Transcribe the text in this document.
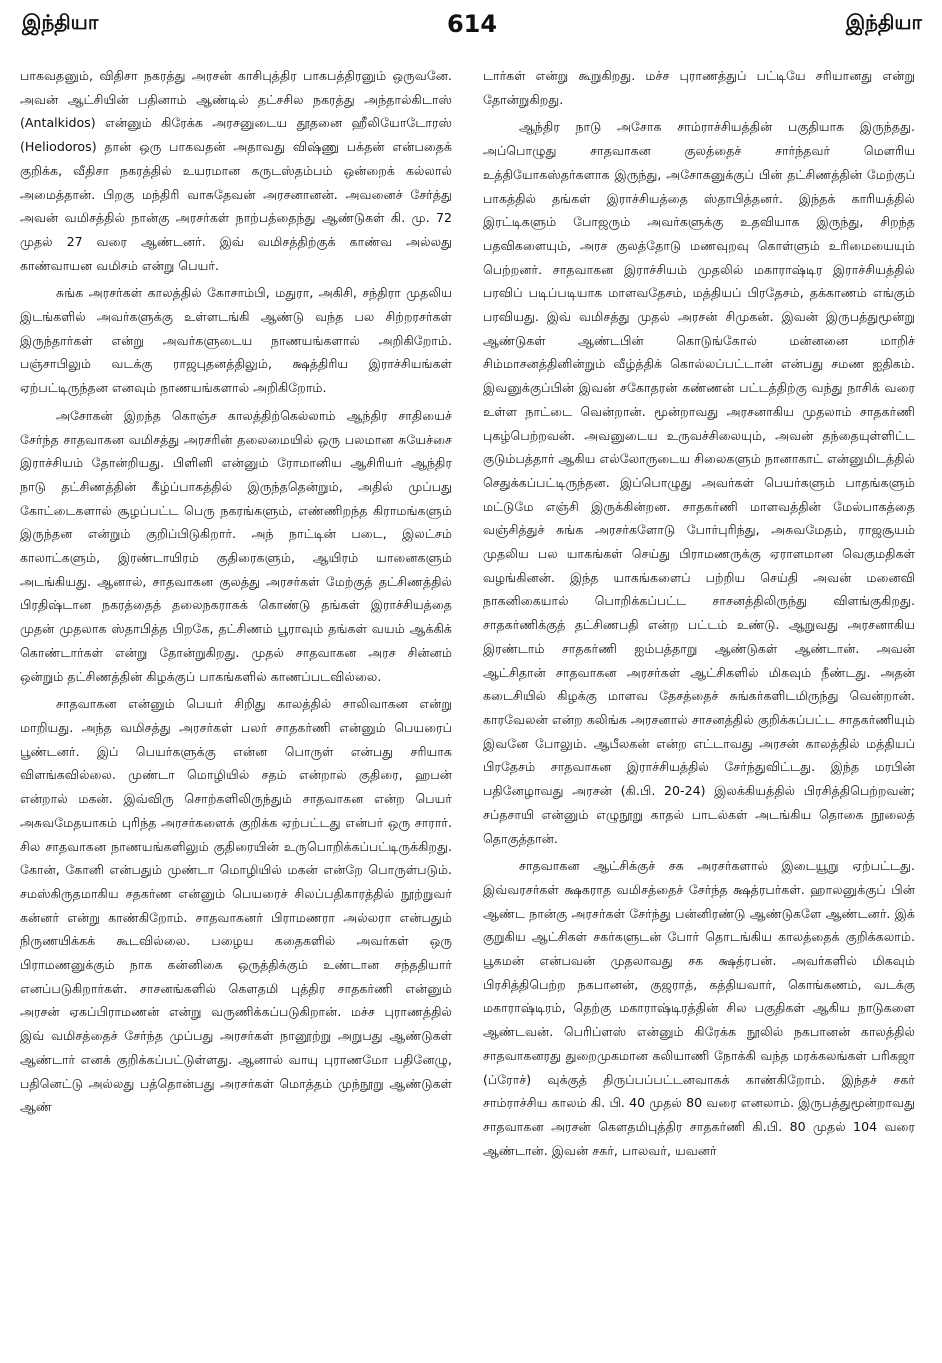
இந்தியா	614	இந்தியா

பாகவதனும், விதிசா நகரத்து அரசன் காசிபுத்திர பாகபத்திரனும் ஒருவனே. அவன் ஆட்சியின் பதினாம் ஆண்டில் தட்சசில நகரத்து அந்தால்கிடாஸ் (Antalkidos) என்னும் கிரேக்க அரசனுடைய தூதனை ஹீலியோடோரஸ் (Heliodoros) தான் ஒரு பாகவதன் அதாவது விஷ்ணு பக்தன் என்பதைக் குறிக்க, வீதிசா நகரத்தில் உயரமான கருடஸ்தம்பம் ஒன்றைக் கல்லால் அமைத்தான். பிறகு மந்திரி வாசுதேவன் அரசனானன். அவனைச் சேர்த்து அவன் வமிசத்தில் நான்கு அரசர்கள் நாற்பத்தைந்து ஆண்டுகள் கி. மு. 72 முதல் 27 வரை ஆண்டனர். இவ் வமிசத்திற்குக் காண்வ அல்லது காண்வாயன வமிசம் என்று பெயர்.

சுங்க அரசர்கள் காலத்தில் கோசாம்பி, மதுரா, அகிசி, சந்திரா முதலிய இடங்களில் அவர்களுக்கு உள்ளடங்கி ஆண்டு வந்த பல சிற்றரசர்கள் இருந்தார்கள் என்று அவர்களுடைய நாணயங்களால் அறிகிறோம். பஞ்சாபிலும் வடக்கு ராஜபுதனத்திலும், க்ஷத்திரிய இராச்சியங்கள் ஏற்பட்டிருந்தன எனவும் நாணயங்களால் அறிகிறோம்.

அசோகன் இறந்த கொஞ்ச காலத்திற்கெல்லாம் ஆந்திர சாதியைச் சேர்ந்த சாதவாகன வமிசத்து அரசரின் தலைமையில் ஒரு பலமான சுயேச்சை இராச்சியம் தோன்றியது. பிளினி என்னும் ரோமானிய ஆசிரியர் ஆந்திர நாடு தட்சிணத்தின் கீழ்ப்பாகத்தில் இருந்ததென்றும், அதில் முப்பது கோட்டைகளால் சூழப்பட்ட பெரு நகரங்களும், எண்ணிறந்த கிராமங்களும் இருந்தன என்றும் குறிப்பிடுகிறார். அந் நாட்டின் படை, இலட்சம் காலாட்களும், இரண்டாயிரம் குதிரைகளும், ஆயிரம் யானைகளும் அடங்கியது. ஆனால், சாதவாகன குலத்து அரசர்கள் மேற்குத் தட்சிணத்தில் பிரதிஷ்டான நகரத்தைத் தலைநகராகக் கொண்டு தங்கள் இராச்சியத்தை முதன் முதலாக ஸ்தாபித்த பிறகே, தட்சிணம் பூராவும் தங்கள் வயம் ஆக்கிக் கொண்டார்கள் என்று தோன்றுகிறது. முதல் சாதவாகன அரச சின்னம் ஒன்றும் தட்சிணத்தின் கிழக்குப் பாகங்களில் காணப்படவில்லை.

சாதவாகன என்னும் பெயர் சிறிது காலத்தில் சாலிவாகன என்று மாறியது. அந்த வமிசத்து அரசர்கள் பலர் சாதகர்ணி என்னும் பெயரைப் பூண்டனர். இப் பெயர்களுக்கு என்ன பொருள் என்பது சரியாக விளங்கவில்லை. முண்டா மொழியில் சதம் என்றால் குதிரை, ஹபன் என்றால் மகன். இவ்விரு சொற்களிலிருந்தும் சாதவாகன என்ற பெயர் அசுவமேதயாகம் புரிந்த அரசர்களைக் குறிக்க ஏற்பட்டது என்பர் ஒரு சாரார். சில சாதவாகன நாணயங்களிலும் குதிரையின் உருபொறிக்கப்பட்டிருக்கிறது. கோன், கோனி என்பதும் முண்டா மொழியில் மகன் என்றே பொருள்படும். சமஸ்கிருதமாகிய சதகர்ண என்னும் பெயரைச் சிலப்பதிகாரத்தில் நூற்றுவர் கன்னர் என்று காண்கிறோம். சாதவாகனர் பிராமணரா அல்லரா என்பதும் நிருணயிக்கக் கூடவில்லை. பழைய கதைகளில் அவர்கள் ஒரு பிராமணனுக்கும் நாக கன்னிகை ஒருத்திக்கும் உண்டான சந்ததியார் எனப்படுகிறார்கள். சாசனங்களில் கௌதமி புத்திர சாதகர்ணி என்னும் அரசன் ஏகப்பிராமணன் என்று வருணிக்கப்படுகிறான். மச்ச புராணத்தில் இவ் வமிசத்தைச் சேர்ந்த முப்பது அரசர்கள் நானூற்று அறுபது ஆண்டுகள் ஆண்டார் எனக் குறிக்கப்பட்டுள்ளது. ஆனால் வாயு புராணமோ பதினேழு, பதினெட்டு அல்லது பத்தொன்பது அரசர்கள் மொத்தம் முந்நூறு ஆண்டுகள் ஆண்

டார்கள் என்று கூறுகிறது. மச்ச புராணத்துப் பட்டியே சரியானது என்று தோன்றுகிறது.

ஆந்திர நாடு அசோக சாம்ராச்சியத்தின் பகுதியாக இருந்தது. அப்பொழுது சாதவாகன குலத்தைச் சார்ந்தவர் மௌரிய உத்தியோகஸ்தர்களாக இருந்து, அசோகனுக்குப் பின் தட்சிணத்தின் மேற்குப் பாகத்தில் தங்கள் இராச்சியத்தை ஸ்தாபித்தனர். இந்தக் காரியத்தில் இரட்டிகளும் போஜரும் அவர்களுக்கு உதவியாக இருந்து, சிறந்த பதவிகளையும், அரச குலத்தோடு மணவுறவு கொள்ளும் உரிமையையும் பெற்றனர். சாதவாகன இராச்சியம் முதலில் மகாராஷ்டிர இராச்சியத்தில் பரவிப் படிப்படியாக மாளவதேசம், மத்தியப் பிரதேசம், தக்காணம் எங்கும் பரவியது. இவ் வமிசத்து முதல் அரசன் சிமுகன். இவன் இருபத்துமூன்று ஆண்டுகள் ஆண்டபின் கொடுங்கோல் மன்னனை மாறிச் சிம்மாசனத்தினின்றும் வீழ்த்திக் கொல்லப்பட்டான் என்பது சமண ஐதிகம். இவனுக்குப்பின் இவன் சகோதரன் கண்ணன் பட்டத்திற்கு வந்து நாசிக் வரை உள்ள நாட்டை வென்றான். மூன்றாவது அரசனாகிய முதலாம் சாதகர்ணி புகழ்பெற்றவன். அவனுடைய உருவச்சிலையும், அவன் தந்தையுள்ளிட்ட குடும்பத்தார் ஆகிய எல்லோருடைய சிலைகளும் நானாகாட் என்னுமிடத்தில் செதுக்கப்பட்டிருந்தன. இப்பொழுது அவர்கள் பெயர்களும் பாதங்களும் மட்டுமே எஞ்சி இருக்கின்றன. சாதகர்ணி மாளவத்தின் மேல்பாகத்தை வஞ்சித்துச் சுங்க அரசர்களோடு போர்புரிந்து, அசுவமேதம், ராஜசூயம் முதலிய பல யாகங்கள் செய்து பிராமணருக்கு ஏராளமான வெகுமதிகள் வழங்கினன். இந்த யாகங்களைப் பற்றிய செய்தி அவன் மனைவி நாகனிகையால் பொறிக்கப்பட்ட சாசனத்திலிருந்து விளங்குகிறது. சாதகர்ணிக்குத் தட்சிணபதி என்ற பட்டம் உண்டு. ஆறுவது அரசனாகிய இரண்டாம் சாதகர்ணி ஐம்பத்தாறு ஆண்டுகள் ஆண்டான். அவன் ஆட்சிதான் சாதவாகன அரசர்கள் ஆட்சிகளில் மிகவும் நீண்டது. அதன் கடைசியில் கிழக்கு மாளவ தேசத்தைச் சுங்கர்களிடமிருந்து வென்றான். காரவேலன் என்ற கலிங்க அரசனால் சாசனத்தில் குறிக்கப்பட்ட சாதகர்ணியும் இவனே போலும். ஆபீலகன் என்ற எட்டாவது அரசன் காலத்தில் மத்தியப் பிரதேசம் சாதவாகன இராச்சியத்தில் சேர்ந்துவிட்டது. இந்த மரபின் பதினேழாவது அரசன் (கி.பி. 20-24) இலக்கியத்தில் பிரசித்திபெற்றவன்; சப்தசாயி என்னும் எழுநூறு காதல் பாடல்கள் அடங்கிய தொகை நூலைத் தொகுத்தான்.

சாதவாகன ஆட்சிக்குச் சக அரசர்களால் இடையூறு ஏற்பட்டது. இவ்வரசர்கள் க்ஷகராத வமிசத்தைச் சேர்ந்த க்ஷத்ரபர்கள். ஹாலனுக்குப் பின் ஆண்ட நான்கு அரசர்கள் சேர்ந்து பன்னிரண்டு ஆண்டுகளே ஆண்டனர். இக் குறுகிய ஆட்சிகள் சகர்களுடன் போர் தொடங்கிய காலத்தைக் குறிக்கலாம். பூகமன் என்பவன் முதலாவது சக க்ஷத்ரபன். அவர்களில் மிகவும் பிரசித்திபெற்ற நகபானன், குஜராத், கத்தியவார், கொங்கணம், வடக்கு மகாராஷ்டிரம், தெற்கு மகாராஷ்டிரத்தின் சில பகுதிகள் ஆகிய நாடுகளை ஆண்டவன். பெரிப்ளஸ் என்னும் கிரேக்க நூலில் நகபானன் காலத்தில் சாதவாகனரது துறைமுகமான கலியாணி நோக்கி வந்த மரக்கலங்கள் பரிகஜா (ப்ரோச்) வுக்குத் திருப்பப்பட்டனவாகக் காண்கிறோம். இந்தச் சகர் சாம்ராச்சிய காலம் கி. பி. 40 முதல் 80 வரை எனலாம். இருபத்துமூன்றாவது சாதவாகன அரசன் கௌதமிபுத்திர சாதகர்ணி கி.பி. 80 முதல் 104 வரை ஆண்டான். இவன் சகர், பாலவர், யவனர்
